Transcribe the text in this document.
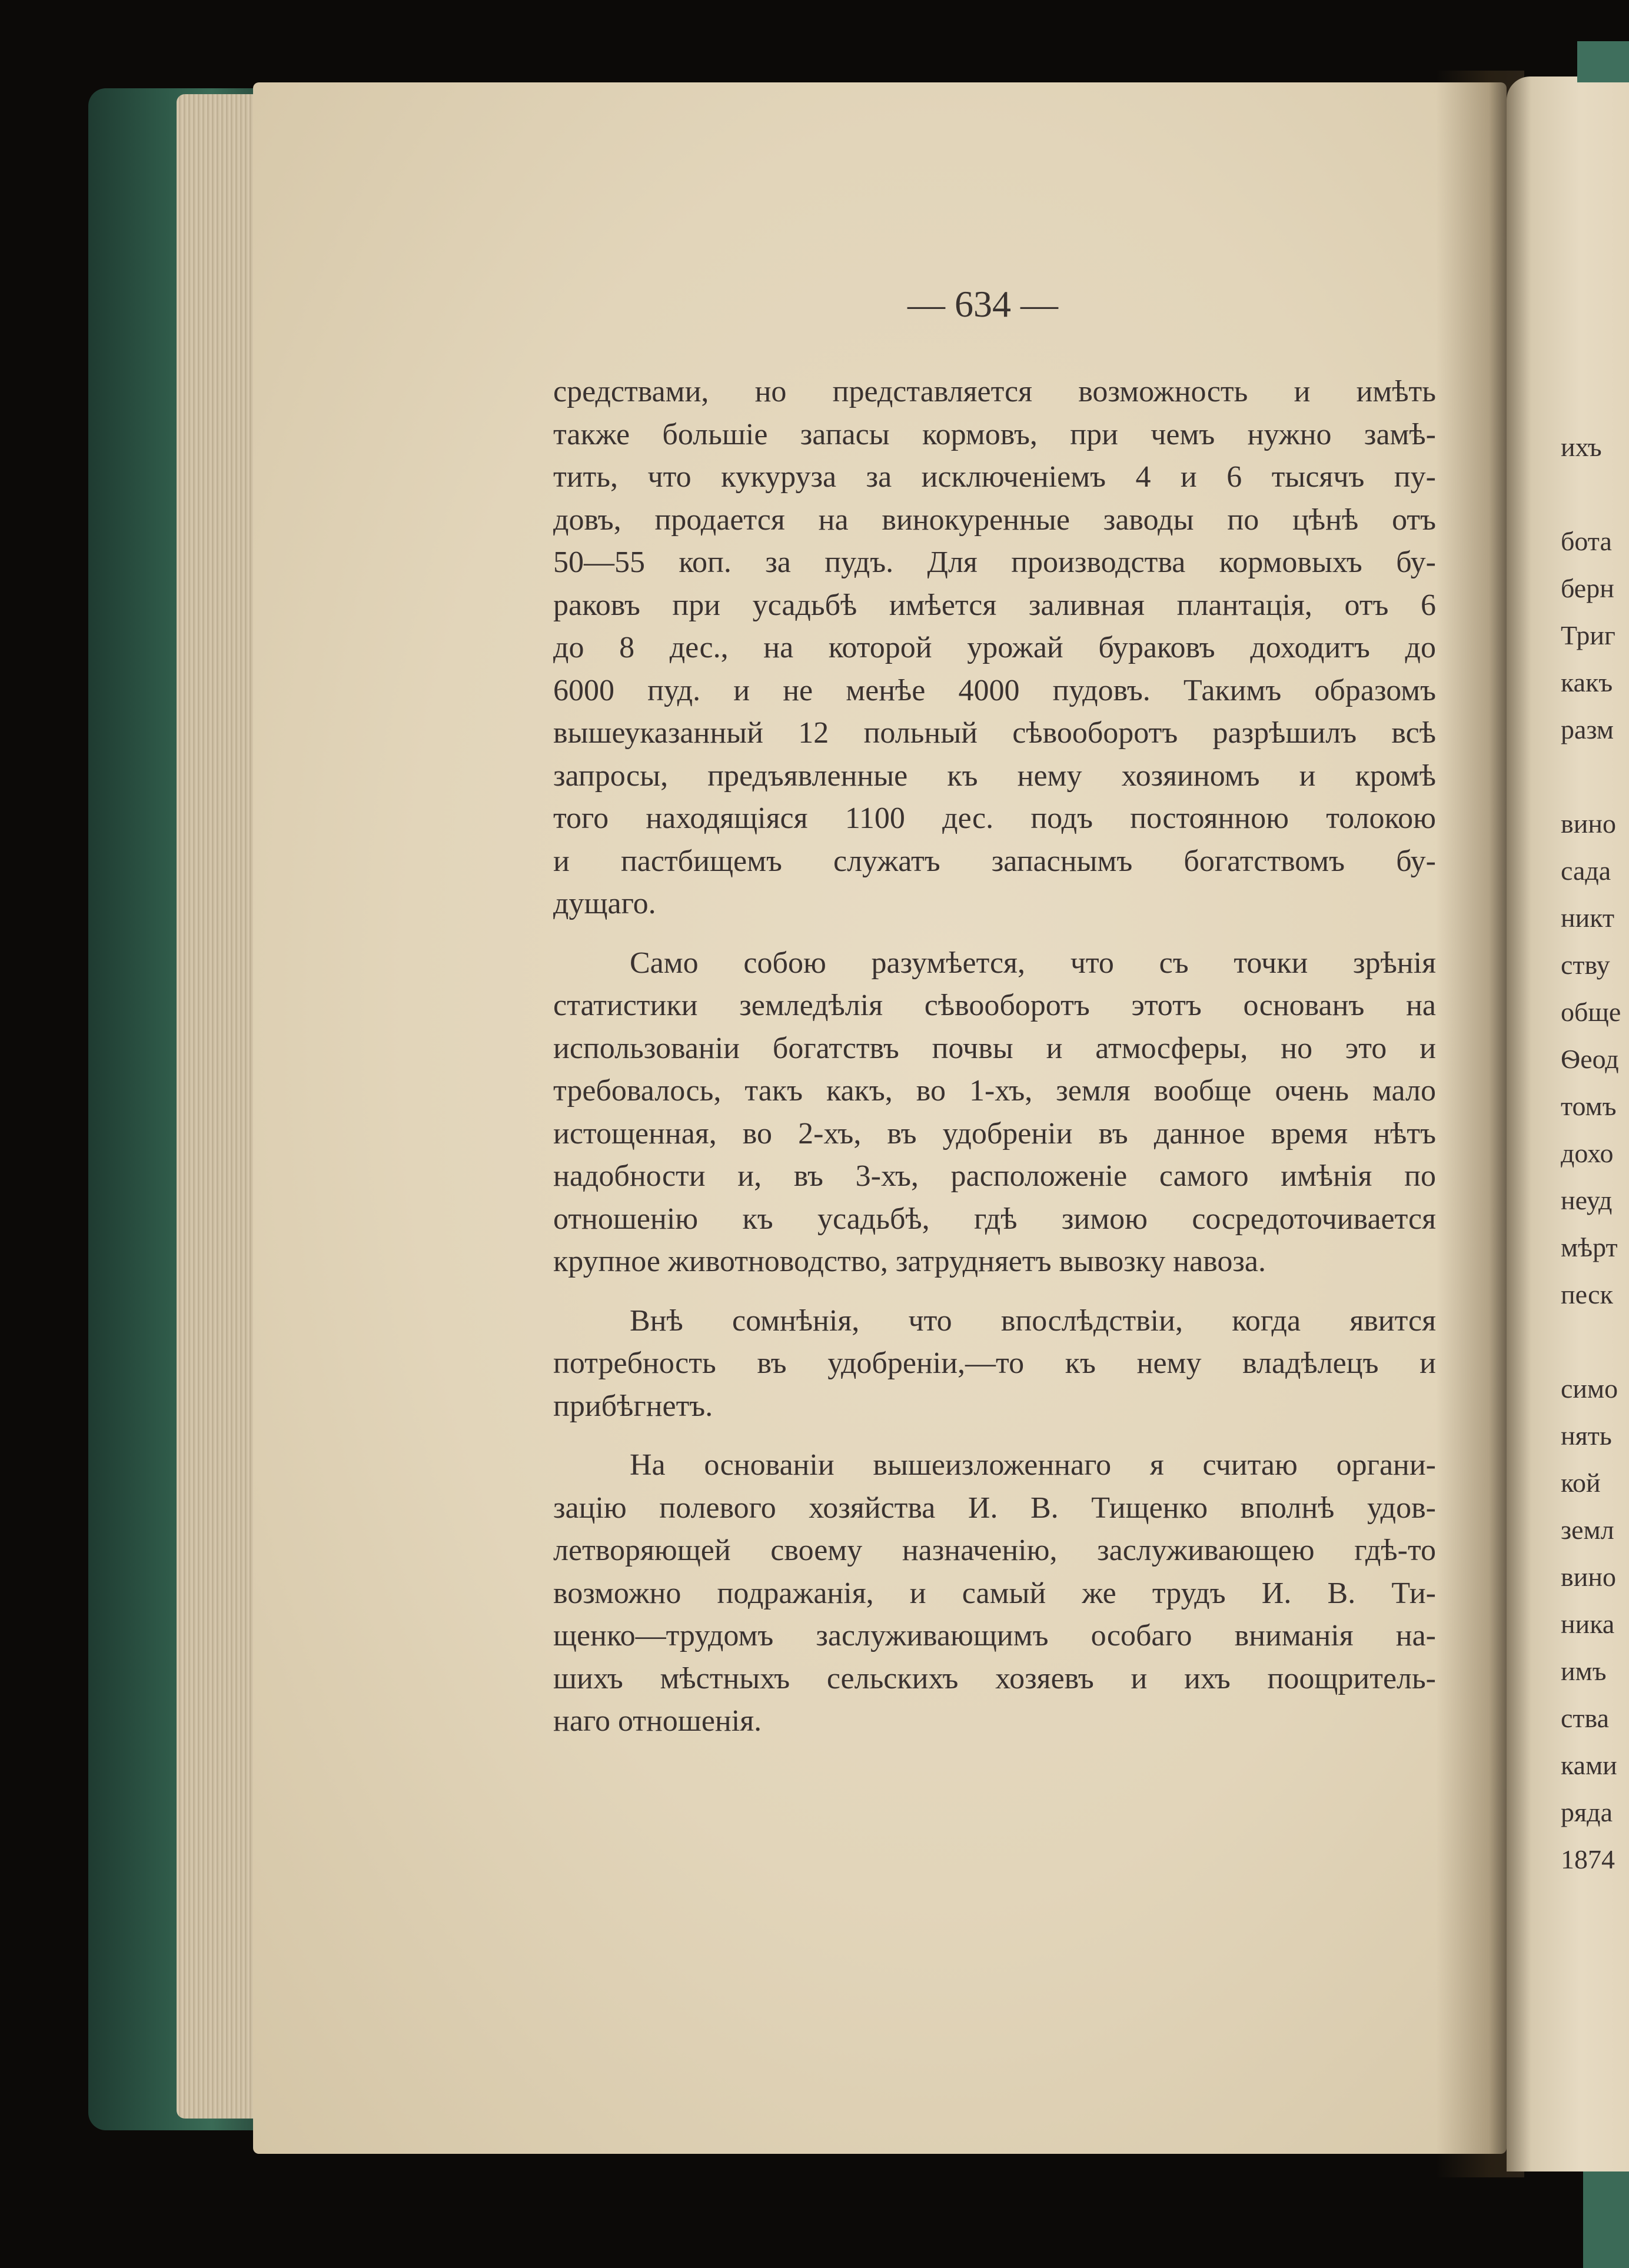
— 634 —
средствами, но представляется возможность и имѣть
также большіе запасы кормовъ, при чемъ нужно замѣ-
тить, что кукуруза за исключеніемъ 4 и 6 тысячъ пу-
довъ, продается на винокуренные заводы по цѣнѣ отъ
50—55 коп. за пудъ. Для производства кормовыхъ бу-
раковъ при усадьбѣ имѣется заливная плантація, отъ 6
до 8 дес., на которой урожай бураковъ доходитъ до
6000 пуд. и не менѣе 4000 пудовъ. Такимъ образомъ
вышеуказанный 12 польный сѣвооборотъ разрѣшилъ всѣ
запросы, предъявленные къ нему хозяиномъ и кромѣ
того находящіяся 1100 дес. подъ постоянною толокою
и пастбищемъ служатъ запаснымъ богатствомъ бу-
дущаго.
Само собою разумѣется, что съ точки зрѣнія
статистики земледѣлія сѣвооборотъ этотъ основанъ на
использованіи богатствъ почвы и атмосферы, но это и
требовалось, такъ какъ, во 1-хъ, земля вообще очень мало
истощенная, во 2-хъ, въ удобреніи въ данное время нѣтъ
надобности и, въ 3-хъ, расположеніе самого имѣнія по
отношенію къ усадьбѣ, гдѣ зимою сосредоточивается
крупное животноводство, затрудняетъ вывозку навоза.
Внѣ сомнѣнія, что впослѣдствіи, когда явится
потребность въ удобреніи,—то къ нему владѣлецъ и
прибѣгнетъ.
На основаніи вышеизложеннаго я считаю органи-
зацію полевого хозяйства И. В. Тищенко вполнѣ удов-
летворяющей своему назначенію, заслуживающею гдѣ-то
возможно подражанія, и самый же трудъ И. В. Ти-
щенко—трудомъ заслуживающимъ особаго вниманія на-
шихъ мѣстныхъ сельскихъ хозяевъ и ихъ поощритель-
наго отношенія.
ихъ
бота
берн
Триг
какъ
разм
вино
сада
никт
ству
обще
Ѳеод
томъ
дохо
неуд
мѣрт
песк
симо
нять
кой
земл
вино
ника
имъ
ства
ками
ряда
1874
